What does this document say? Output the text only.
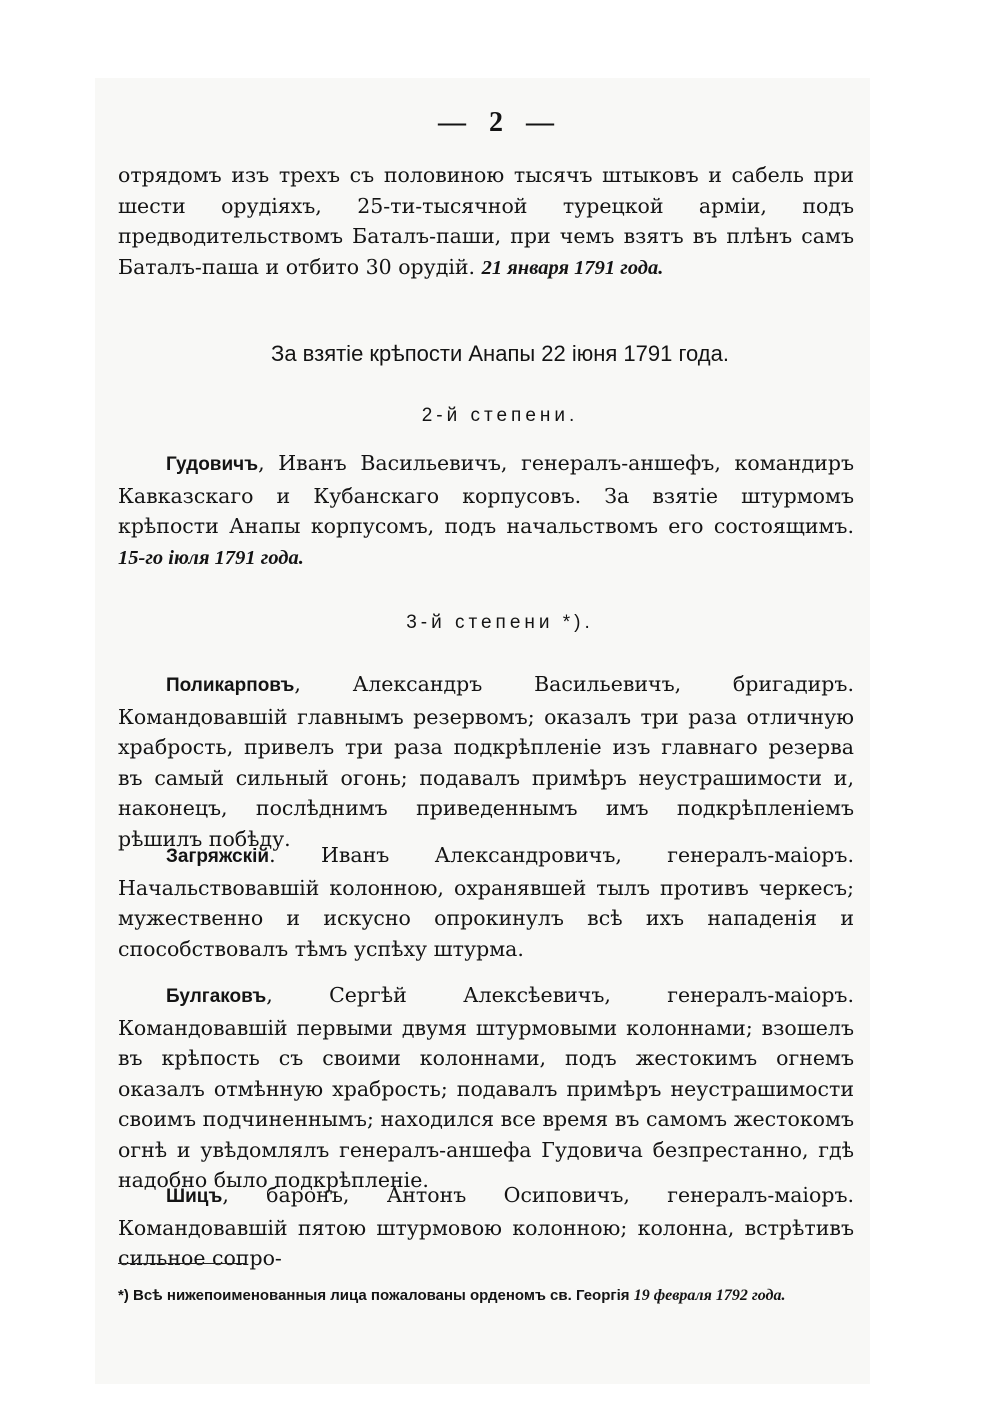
— 2 —

отрядомъ изъ трехъ съ половиною тысячъ штыковъ и сабель при шести орудіяхъ, 25-ти-тысячной турецкой арміи, подъ предводительствомъ Баталъ-паши, при чемъ взятъ въ плѣнъ самъ Баталъ-паша и отбито 30 орудій. 21 января 1791 года.

За взятіе крѣпости Анапы 22 іюня 1791 года.
2-й степени.

Гудовичъ, Иванъ Васильевичъ, генералъ-аншефъ, командиръ Кавказскаго и Кубанскаго корпусовъ. За взятіе штурмомъ крѣпости Анапы корпусомъ, подъ начальствомъ его состоящимъ. 15-го іюля 1791 года.

3-й степени *).

Поликарповъ, Александръ Васильевичъ, бригадиръ. Командовавшій главнымъ резервомъ; оказалъ три раза отличную храбрость, привелъ три раза подкрѣпленіе изъ главнаго резерва въ самый сильный огонь; подавалъ примѣръ неустрашимости и, наконецъ, послѣднимъ приведеннымъ имъ подкрѣпленіемъ рѣшилъ побѣду.

Загряжскій. Иванъ Александровичъ, генералъ-маіоръ. Начальствовавшій колонною, охранявшей тылъ противъ черкесъ; мужественно и искусно опрокинулъ всѣ ихъ нападенія и способствовалъ тѣмъ успѣху штурма.

Булгаковъ, Сергѣй Алексѣевичъ, генералъ-маіоръ. Командовавшій первыми двумя штурмовыми колоннами; взошелъ въ крѣпость съ своими колоннами, подъ жестокимъ огнемъ оказалъ отмѣнную храбрость; подавалъ примѣръ неустрашимости своимъ подчиненнымъ; находился все время въ самомъ жестокомъ огнѣ и увѣдомлялъ генералъ-аншефа Гудовича безпрестанно, гдѣ надобно было подкрѣпленіе.

Шицъ, баронъ, Антонъ Осиповичъ, генералъ-маіоръ. Командовавшій пятою штурмовою колонною; колонна, встрѣтивъ сильное сопро-

*) Всѣ нижепоименованныя лица пожалованы орденомъ св. Георгія 19 февраля 1792 года.
